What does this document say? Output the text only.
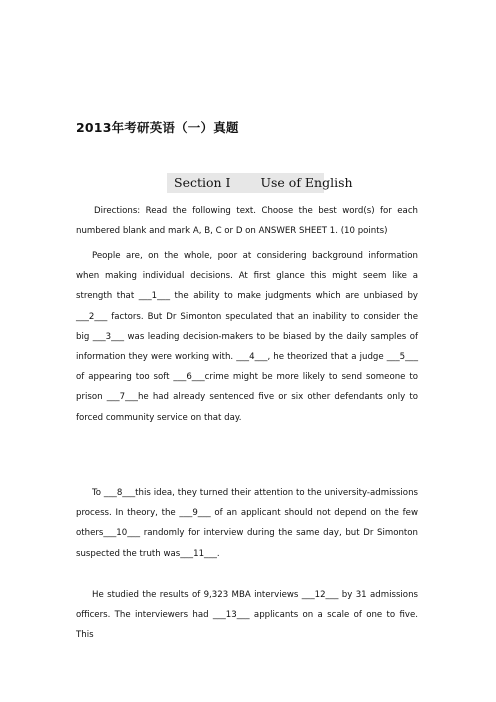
2013年考研英语（一）真题
Section I Use of English

Directions: Read the following text. Choose the best word(s) for each numbered blank and mark A, B, C or D on ANSWER SHEET 1. (10 points)

People are, on the whole, poor at considering background information when making individual decisions. At first glance this might seem like a strength that ___1___ the ability to make judgments which are unbiased by ___2___ factors. But Dr Simonton speculated that an inability to consider the big ___3___ was leading decision-makers to be biased by the daily samples of information they were working with. ___4___, he theorized that a judge ___5___ of appearing too soft ___6___crime might be more likely to send someone to prison ___7___he had already sentenced five or six other defendants only to forced community service on that day.

To ___8___this idea, they turned their attention to the university-admissions process. In theory, the ___9___ of an applicant should not depend on the few others___10___ randomly for interview during the same day, but Dr Simonton suspected the truth was___11___.

He studied the results of 9,323 MBA interviews ___12___ by 31 admissions officers. The interviewers had ___13___ applicants on a scale of one to five. This
